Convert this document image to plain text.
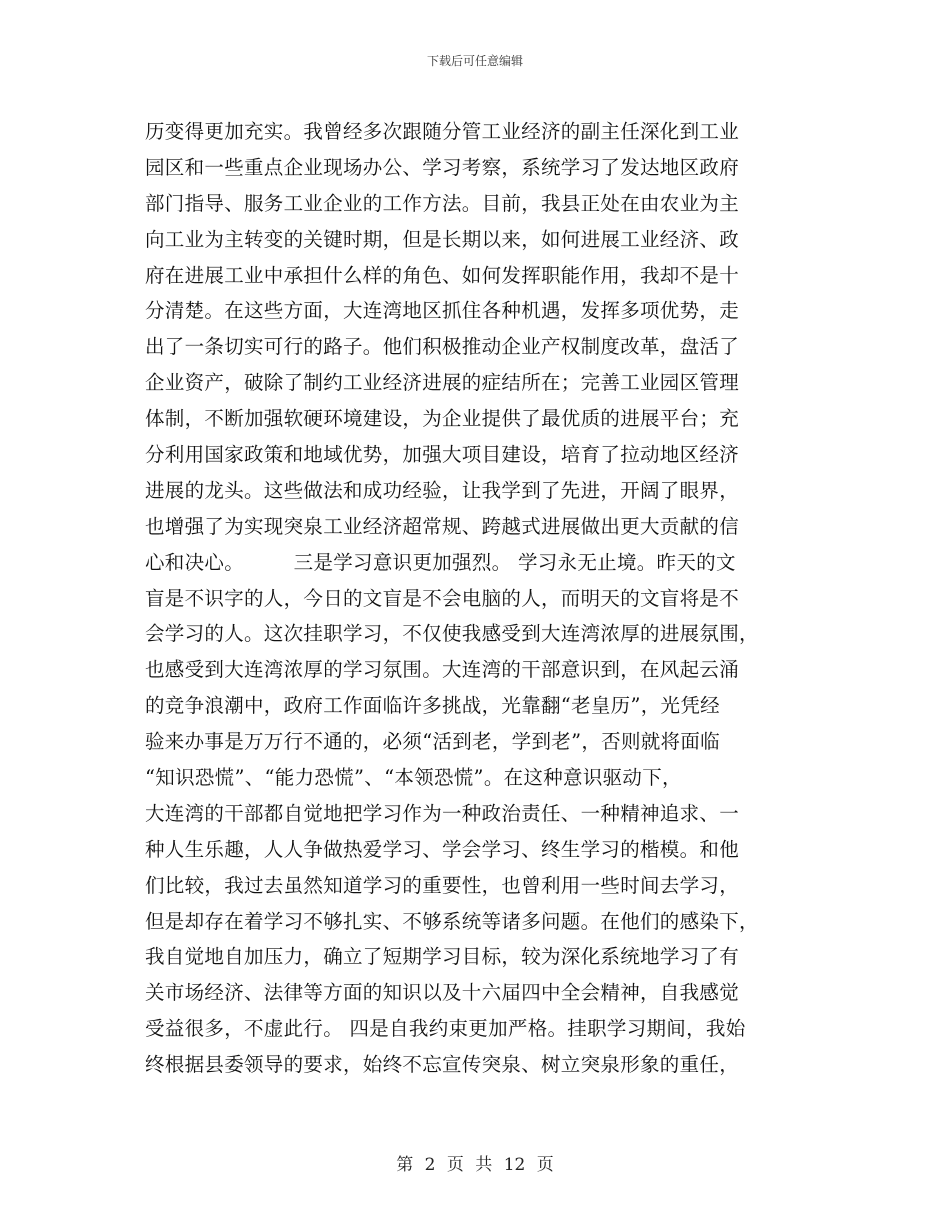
下载后可任意编辑
历变得更加充实。我曾经多次跟随分管工业经济的副主任深化到工业
园区和一些重点企业现场办公、学习考察，系统学习了发达地区政府
部门指导、服务工业企业的工作方法。目前，我县正处在由农业为主
向工业为主转变的关键时期，但是长期以来，如何进展工业经济、政
府在进展工业中承担什么样的角色、如何发挥职能作用，我却不是十
分清楚。在这些方面，大连湾地区抓住各种机遇，发挥多项优势，走
出了一条切实可行的路子。他们积极推动企业产权制度改革，盘活了
企业资产，破除了制约工业经济进展的症结所在；完善工业园区管理
体制，不断加强软硬环境建设，为企业提供了最优质的进展平台；充
分利用国家政策和地域优势，加强大项目建设，培育了拉动地区经济
进展的龙头。这些做法和成功经验，让我学到了先进，开阔了眼界，
也增强了为实现突泉工业经济超常规、跨越式进展做出更大贡献的信
心和决心。　　　三是学习意识更加强烈。 学习永无止境。昨天的文
盲是不识字的人，今日的文盲是不会电脑的人，而明天的文盲将是不
会学习的人。这次挂职学习，不仅使我感受到大连湾浓厚的进展氛围，
也感受到大连湾浓厚的学习氛围。大连湾的干部意识到，在风起云涌
的竞争浪潮中，政府工作面临许多挑战，光靠翻“老皇历”，光凭经
验来办事是万万行不通的，必须“活到老，学到老”，否则就将面临
“知识恐慌”、“能力恐慌”、“本领恐慌”。在这种意识驱动下，
大连湾的干部都自觉地把学习作为一种政治责任、一种精神追求、一
种人生乐趣，人人争做热爱学习、学会学习、终生学习的楷模。和他
们比较，我过去虽然知道学习的重要性，也曾利用一些时间去学习，
但是却存在着学习不够扎实、不够系统等诸多问题。在他们的感染下，
我自觉地自加压力，确立了短期学习目标，较为深化系统地学习了有
关市场经济、法律等方面的知识以及十六届四中全会精神，自我感觉
受益很多，不虚此行。 四是自我约束更加严格。挂职学习期间，我始
终根据县委领导的要求，始终不忘宣传突泉、树立突泉形象的重任，
第 2 页 共 12 页
